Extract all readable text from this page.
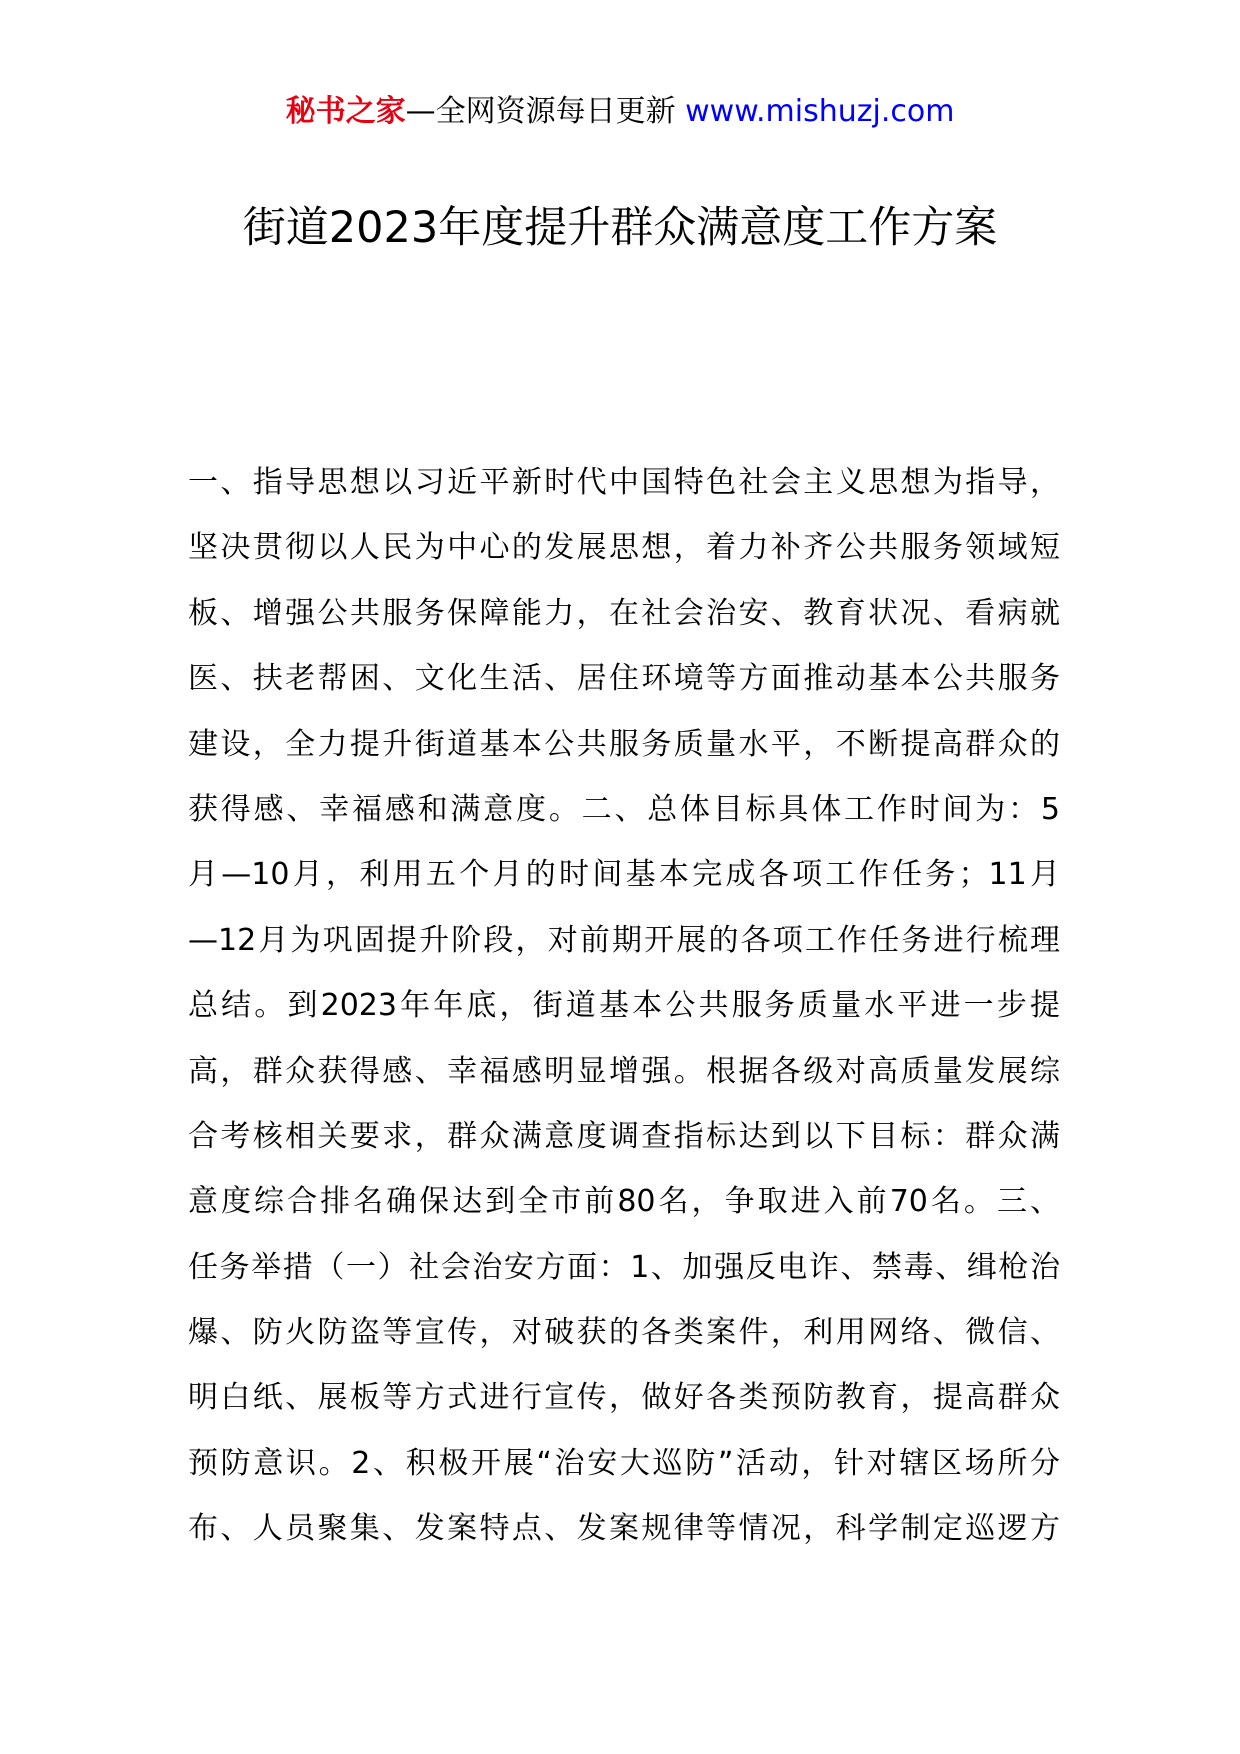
秘书之家—全网资源每日更新 www.mishuzj.com
街道2023年度提升群众满意度工作方案
一、指导思想以习近平新时代中国特色社会主义思想为指导，
坚决贯彻以人民为中心的发展思想，着力补齐公共服务领域短
板、增强公共服务保障能力，在社会治安、教育状况、看病就
医、扶老帮困、文化生活、居住环境等方面推动基本公共服务
建设，全力提升街道基本公共服务质量水平，不断提高群众的
获得感、幸福感和满意度。二、总体目标具体工作时间为：5
月—10月，利用五个月的时间基本完成各项工作任务；11月
—12月为巩固提升阶段，对前期开展的各项工作任务进行梳理
总结。到2023年年底，街道基本公共服务质量水平进一步提
高，群众获得感、幸福感明显增强。根据各级对高质量发展综
合考核相关要求，群众满意度调查指标达到以下目标：群众满
意度综合排名确保达到全市前80名，争取进入前70名。三、
任务举措（一）社会治安方面：1、加强反电诈、禁毒、缉枪治
爆、防火防盗等宣传，对破获的各类案件，利用网络、微信、
明白纸、展板等方式进行宣传，做好各类预防教育，提高群众
预防意识。2、积极开展“治安大巡防”活动，针对辖区场所分
布、人员聚集、发案特点、发案规律等情况，科学制定巡逻方
